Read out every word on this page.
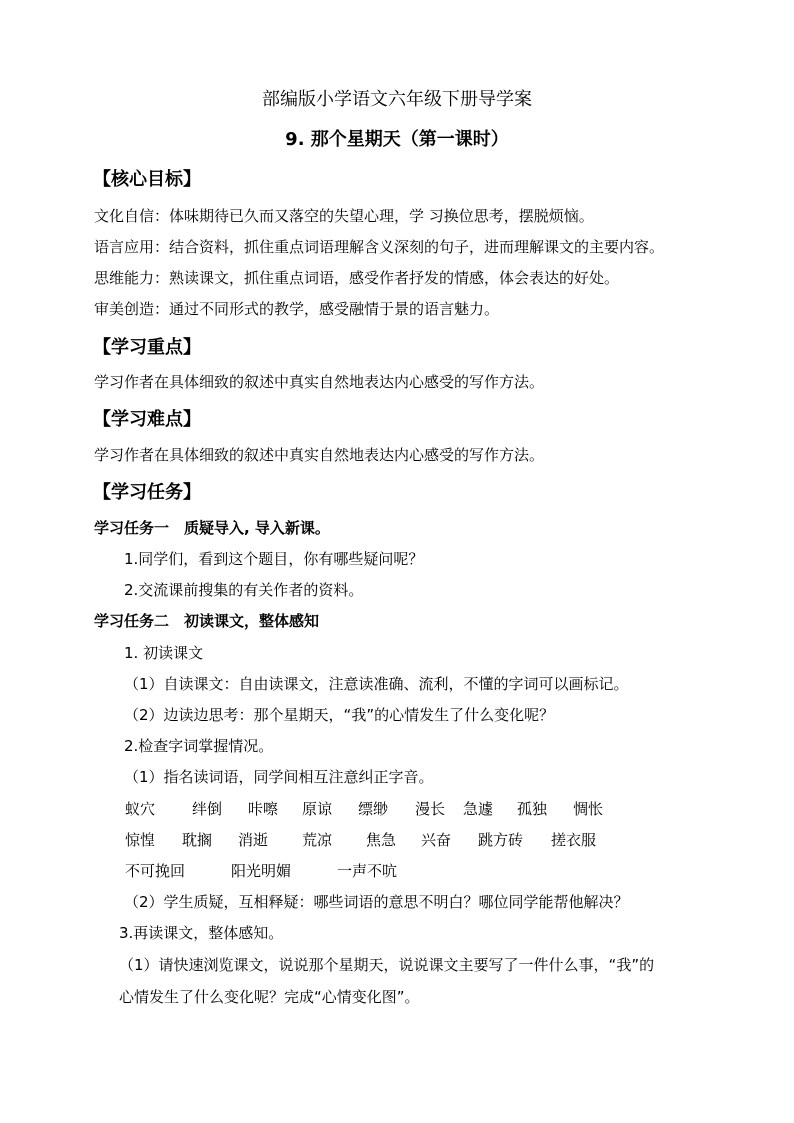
部编版小学语文六年级下册导学案
9. 那个星期天（第一课时）
【核心目标】
文化自信：体味期待已久而又落空的失望心理，学 习换位思考，摆脱烦恼。
语言应用：结合资料，抓住重点词语理解含义深刻的句子，进而理解课文的主要内容。
思维能力：熟读课文，抓住重点词语，感受作者抒发的情感，体会表达的好处。
审美创造：通过不同形式的教学，感受融情于景的语言魅力。
【学习重点】
学习作者在具体细致的叙述中真实自然地表达内心感受的写作方法。
【学习难点】
学习作者在具体细致的叙述中真实自然地表达内心感受的写作方法。
【学习任务】
学习任务一　质疑导入, 导入新课。
1.同学们，看到这个题目，你有哪些疑问呢？
2.交流课前搜集的有关作者的资料。
学习任务二　初读课文，整体感知
1. 初读课文
（1）自读课文：自由读课文，注意读准确、流利，不懂的字词可以画标记。
（2）边读边思考：那个星期天，“我”的心情发生了什么变化呢？
2.检查字词掌握情况。
（1）指名读词语，同学间相互注意纠正字音。
蚁穴 绊倒 咔嚓 原谅 缥缈 漫长 急遽 孤独 惆怅
惊惶 耽搁 消逝 荒凉 焦急 兴奋 跳方砖 搓衣服
不可挽回	阳光明媚	一声不吭
（2）学生质疑，互相释疑：哪些词语的意思不明白？哪位同学能帮他解决？
3.再读课文，整体感知。
（1）请快速浏览课文，说说那个星期天，说说课文主要写了一件什么事，“我”的
心情发生了什么变化呢？完成“心情变化图”。
